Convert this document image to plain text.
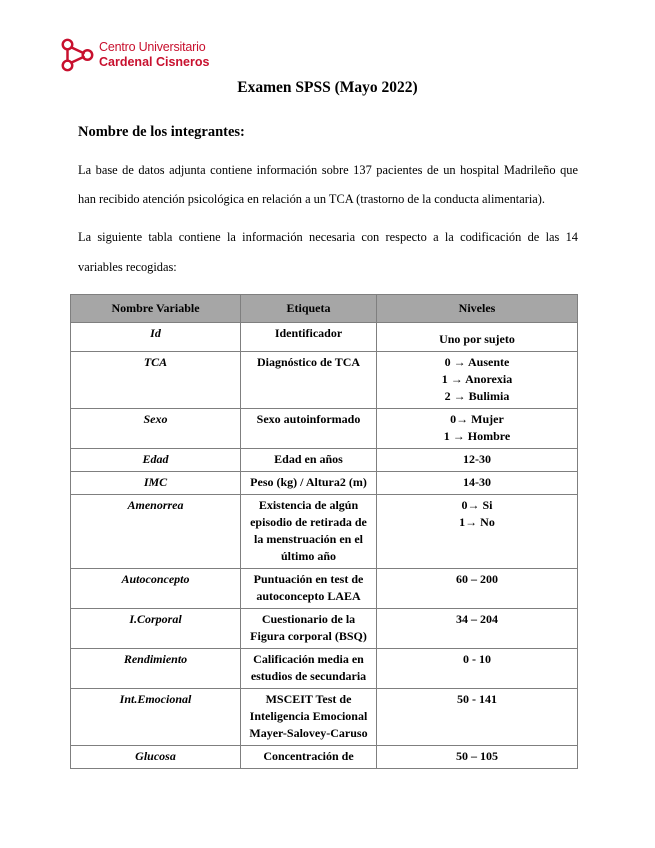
Centro Universitario
Cardenal Cisneros
Examen SPSS (Mayo 2022)
Nombre de los integrantes:
La base de datos adjunta contiene información sobre 137 pacientes de un hospital Madrileño que
han recibido atención psicológica en relación a un TCA (trastorno de la conducta alimentaria).
La siguiente tabla contiene la información necesaria con respecto a la codificación de las 14
variables recogidas:
Nombre Variable	Etiqueta	Niveles
Id	Identificador	Uno por sujeto

TCA	Diagnóstico de TCA	0 → Ausente
1 → Anorexia
2 → Bulimia

Sexo	Sexo autoinformado	0→ Mujer
1 → Hombre

Edad	Edad en años	12-30

IMC	Peso (kg) / Altura2 (m)	14-30

Amenorrea	Existencia de algún episodio de retirada de la menstruación en el último año	0→ Si
1→ No

Autoconcepto	Puntuación en test de autoconcepto LAEA	60 – 200

I.Corporal	Cuestionario de la Figura corporal (BSQ)	34 – 204

Rendimiento	Calificación media en estudios de secundaria	0 - 10

Int.Emocional	MSCEIT Test de Inteligencia Emocional Mayer-Salovey-Caruso	50 - 141

Glucosa	Concentración de	50 – 105
